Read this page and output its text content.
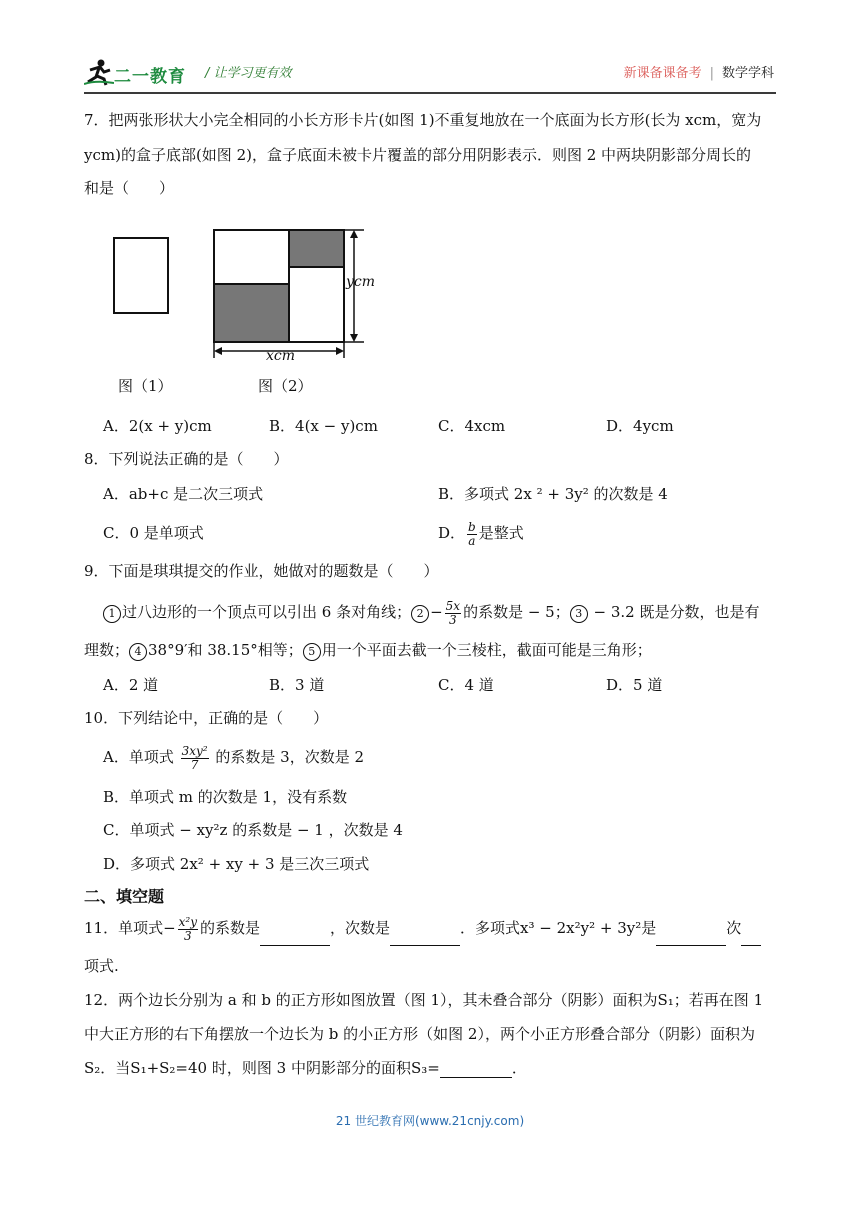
二一教育 / 让学习更有效	新课备课备考 | 数学学科
7．把两张形状大小完全相同的小长方形卡片(如图 1)不重复地放在一个底面为长方形(长为 xcm，宽为
ycm)的盒子底部(如图 2)，盒子底面未被卡片覆盖的部分用阴影表示．则图 2 中两块阴影部分周长的
和是（　　）
ycm
xcm
图（1）	图（2）
A．2(x + y)cm	B．4(x − y)cm	C．4xcm	D．4ycm
8．下列说法正确的是（　　）
A．ab+c 是二次三项式	B．多项式 2x ² + 3y² 的次数是 4
C．0 是单项式	D． $\frac{b}{a}$ 是整式
9．下面是琪琪提交的作业，她做对的题数是（　　）
1 过八边形的一个顶点可以引出 6 条对角线； $2 - \frac{5x}{3}$ 的系数是 − 5； 3 − 3.2 既是分数，也是有
理数； 4 38°9′和 38.15°相等； 5 用一个平面去截一个三棱柱，截面可能是三角形；
A．2 道	B．3 道	C．4 道	D．5 道
10．下列结论中，正确的是（　　）
A．单项式 $\frac{\text{3xy²}}{7}$ 的系数是 3，次数是 2
B．单项式 m 的次数是 1，没有系数
C．单项式 − xy²z 的系数是 − 1 ，次数是 4
D．多项式 2x² + xy + 3 是三次三项式
二、填空题
11．单项式− $\frac{\text{x²y}}{3}$ 的系数是	，次数是	．多项式x³ − 2x²y² + 3y²是	次
项式.
12．两个边长分别为 a 和 b 的正方形如图放置（图 1），其未叠合部分（阴影）面积为S₁；若再在图 1
中大正方形的右下角摆放一个边长为 b 的小正方形（如图 2），两个小正方形叠合部分（阴影）面积为
S₂．当S₁+S₂=40 时，则图 3 中阴影部分的面积S₃=	．
21 世纪教育网(www.21cnjy.com)
